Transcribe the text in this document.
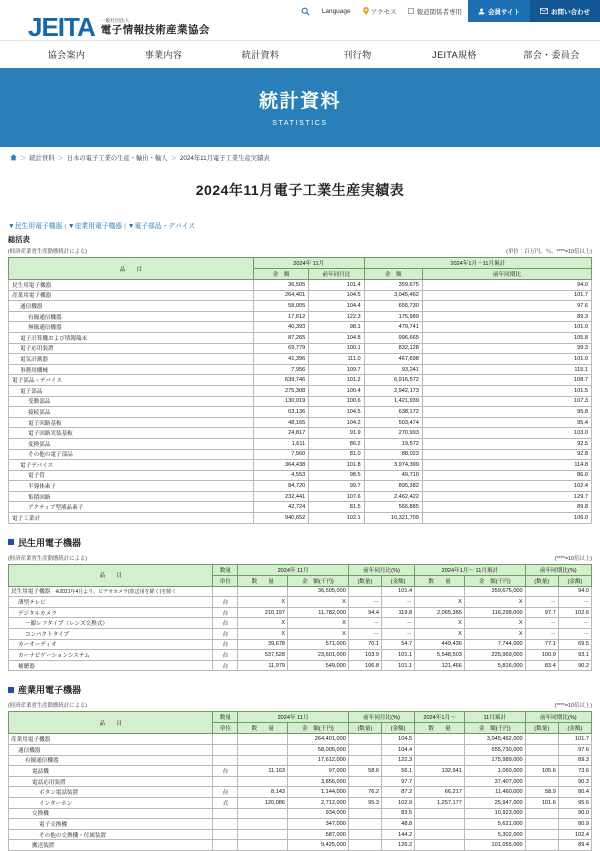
Language	アクセス	報道関係者専用	会員サイト	お問い合わせ
JEITA 一般社団法人
電子情報技術産業協会
協会案内	事業内容	統計資料	刊行物	JEITA規格	部会・委員会
統計資料
STATISTICS
＞ 統計資料 ＞ 日本の電子工業の生産・輸出・輸入 ＞ 2024年11月電子工業生産実績表
2024年11月電子工業生産実績表
▼民生用電子機器 | ▼産業用電子機器 | ▼電子部品・デバイス
総括表
(経済産業省生産動態統計による)	(単位：百万円、％、****=10倍以上)
品　　目	2024年 11月		2024年1月－11月累計	
	金　額	前年同月比	金　額	前年同期比
民生用電子機器	36,505	101.4	359,675	94.0
産業用電子機器	264,401	104.5	3,045,462	101.7
通信機器	58,005	104.4	655,730	97.6
有線通信機器	17,612	122.3	175,989	89.3
無線通信機器	40,393	98.1	479,741	101.0
電子計算機および情報端末	87,265	104.8	996,665	105.8
電子応用装置	69,779	100.1	832,128	99.3
電気計測器	41,396	111.0	467,698	101.0
事務用機械	7,956	109.7	93,241	115.1
電子部品・デバイス	639,746	101.2	6,916,572	108.7
電子部品	275,308	100.4	2,942,173	101.5
受動部品	130,019	100.6	1,421,939	107.3
接続部品	63,136	104.5	638,172	95.8
電子回路基板	48,165	104.2	503,474	95.4
電子回路実装基板	24,817	91.9	270,993	103.0
変換部品	1,611	86.2	19,572	92.5
その他の電子部品	7,560	81.0	88,023	92.8
電子デバイス	364,438	101.8	3,974,399	114.8
電子管	4,553	98.5	49,710	86.0
半導体素子	84,720	99.7	895,382	102.4
集積回路	232,441	107.6	2,462,422	129.7
アクティブ型液晶素子	42,724	81.5	566,885	89.8
電子工業計	940,652	102.1	10,321,709	106.0
民生用電子機器
(経済産業省生産動態統計による)	(****=10倍以上)
品　　目	数量	2024年 11月		前年同月比(%)		2024年1月～ 11月累計		前年同期比(%)	
	単位	数　　量	金　額(千円)	(数量)	(金額)	数　　量	金　額(千円)	(数量)	(金額)
民生用電子機器　※2021年4月より、ビデオカメラ(放送用を除く)を除く			36,505,000		101.4		359,675,000		94.0
薄型テレビ	台	X	X	－	－	X	X	－	－
デジタルカメラ	台	210,197	11,782,000	94.4	119.8	2,065,365	116,298,000	97.7	102.6
一眼レフタイプ（レンズ交換式）	台	X	X	－	－	X	X	－	－
コンパクトタイプ	台	X	X	－	－	X	X	－	－
カーオーディオ	台	39,678	571,000	70.1	54.7	449,436	7,744,000	77.1	69.5
カーナビゲーションシステム	台	537,528	23,601,000	103.9	101.1	5,548,503	225,969,000	100.9	93.1
補聴器	台	11,979	549,000	106.8	101.1	121,466	5,816,000	83.4	90.2
産業用電子機器
(経済産業省生産動態統計による)	(****=10倍以上)
品　　目	数量	2024年 11月		前年同月比(%)		2024年1月～	11月累計	前年同期比(%)	
	単位	数　　量	金　額(千円)	(数量)	(金額)	数　　量	金　額(千円)	(数量)	(金額)
産業用電子機器			264,401,000		104.5		3,045,462,000		101.7
通信機器			58,005,000		104.4		655,730,000		97.6
有線通信機器			17,612,000		122.3		175,989,000		89.3
電話機	台	11,163	97,000	58.6	56.1	132,941	1,060,000	105.6	73.6
電話応用装置			3,856,000		97.7		37,407,000		90.3
ボタン電話装置	台	8,143	1,144,000	76.2	87.2	66,217	11,460,000	58.9	80.4
インターホン	式	120,086	2,712,000	95.3	102.9	1,257,177	25,947,000	101.6	95.6
交換機			934,000		83.5		10,923,000		90.0
電子交換機			347,000		48.8		5,621,000		80.9
その他の交換機・付属装置			587,000		144.2		5,302,000		102.4
搬送装置			9,425,000		126.2		101,055,000		89.4
